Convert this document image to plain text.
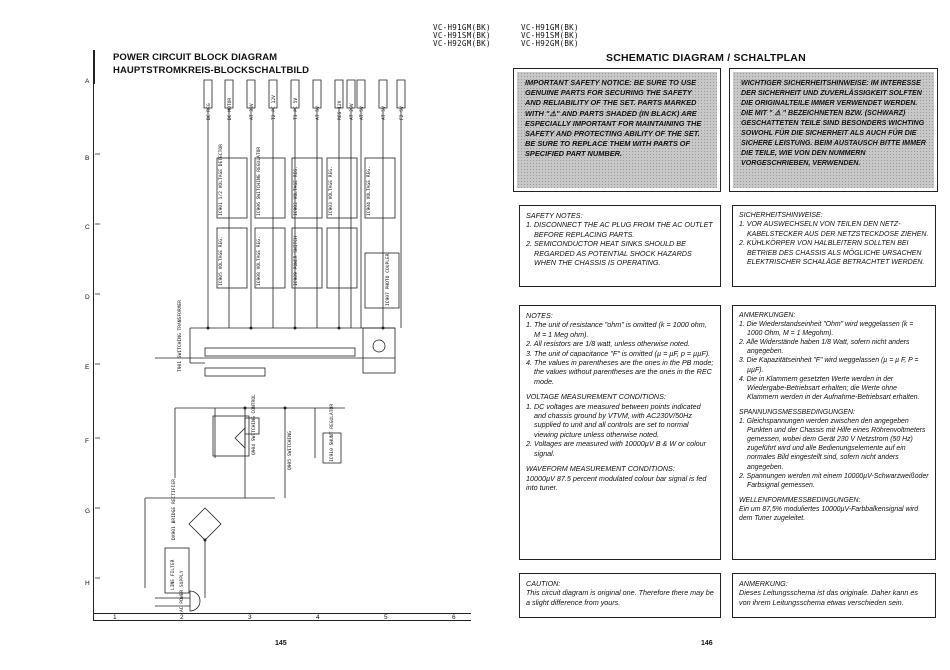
VC-H91GM(BK)
VC-H91SM(BK)
VC-H92GM(BK)
VC-H91GM(BK)
VC-H91SM(BK)
VC-H92GM(BK)
POWER CIRCUIT BLOCK DIAGRAM
HAUPTSTROMKREIS-BLOCKSCHALTBILD
A
B
C
D
E
F
G
H
1	2	3	4	5	6
DC REG	DC MOTOR	AT 33V	T2 PC 12V	T3 PC 5V	AT 5V	REG 12V AT 20V AT 5V	AT 5V	F2 5V
IC901 1/2 VOLTAGE DETECTOR	IC906 SWITCHING REGULATOR	IC902 VOLTAGE REG.	IC903 VOLTAGE REG.	IC904 VOLTAGE REG.
IC905 VOLTAGE REG.	IC908 VOLTAGE REG.	IC909 POWER SWITCH	IC907 PHOTO COUPLER
Q904 SWITCHING CONTROL	Q905 SWITCHING	IC910 SHUNT REGULATOR
DX901 BRIDGE RECTIFIER
T901 SWITCHING TRANSFORMER
LINE FILTER AC POWER SUPPLY
145
SCHEMATIC DIAGRAM / SCHALTPLAN
IMPORTANT SAFETY NOTICE: BE SURE TO USE GENUINE PARTS FOR SECURING THE SAFETY AND RELIABILITY OF THE SET. PARTS MARKED WITH "⚠" AND PARTS SHADED (IN BLACK) ARE ESPECIALLY IMPORTANT FOR MAINTAINING THE SAFETY AND PROTECTING ABILITY OF THE SET. BE SURE TO REPLACE THEM WITH PARTS OF SPECIFIED PART NUMBER.
WICHTIGER SICHERHEITSHINWEISE: IM INTERESSE DER SICHERHEIT UND ZUVERLÄSSIGKEIT SOLFTEN DIE ORIGINALTEILE IMMER VERWENDET WERDEN. DIE MIT " ⚠ " BEZEICHNETEN BZW. (SCHWARZ) GESCHATTETEN TEILE SIND BESONDERS WICHTING SOWOHL FÜR DIE SICHERHEIT ALS AUCH FÜR DIE SICHERE LEISTUNG. BEIM AUSTAUSCH BITTE IMMER DIE TEILE, WIE VON DEN NUMMERN VORGESCHRIEBEN, VERWENDEN.
SAFETY NOTES:
1. DISCONNECT THE AC PLUG FROM THE AC OUTLET BEFORE REPLACING PARTS.
2. SEMICONDUCTOR HEAT SINKS SHOULD BE REGARDED AS POTENTIAL SHOCK HAZARDS WHEN THE CHASSIS IS OPERATING.
SICHERHEITSHINWEISE:
1. VOR AUSWECHSELN VON TEILEN DEN NETZ-KABELSTECKER AUS DER NETZSTECKDOSE ZIEHEN.
2. KÜHLKÖRPER VON HALBLEITERN SOLLTEN BEI BETRIEB DES CHASSIS ALS MÖGLICHE URSACHEN ELEKTRISCHER SCHALÄGE BETRACHTET WERDEN.
NOTES:
1. The unit of resistance "ohm" is omitted (k = 1000 ohm, M = 1 Meg ohm).
2. All resistors are 1/8 watt, unless otherwise noted.
3. The unit of capacitance "F" is omitted (µ = µF, p = µµF).
4. The values in parentheses are the ones in the PB mode; the values without parentheses are the ones in the REC mode.
VOLTAGE MEASUREMENT CONDITIONS:
1. DC voltages are measured between points indicated and chassis ground by VTVM, with AC230V/50Hz supplied to unit and all controls are set to normal viewing picture unless otherwise noted.
2. Voltages are measured with 10000µV B & W or colour signal.
WAVEFORM MEASUREMENT CONDITIONS:
10000µV 87.5 percent modulated colour bar signal is fed into tuner.
ANMERKUNGEN:
1. Die Wiederstandseinheit "Ohm" wird weggelassen (k = 1000 Ohm, M = 1 Megohm).
2. Alle Widerstände haben 1/8 Watt, sofern nicht anders angegeben.
3. Die Kapazitätseinheit "F" wird weggelassen (µ = µ F, P = µµF).
4. Die in Klammern gesetzten Werte werden in der Wiedergabe-Betriebsart erhalten; die Werte ohne Klammern werden in der Aufnahme-Betriebsart erhalten.
SPANNUNGSMESSBEDINGUNGEN:
1. Gleichspannungen werden zwischen den angegeben Punkten und der Chassis mit Hilfe eines Röhrenvoltmeters gemessen, wobei dem Gerät 230 V Netzstrom (50 Hz) zugeführt wird und alle Bedienungselemente auf ein normales Bild eingestellt sind, sofern nicht anders angegeben.
2. Spannungen werden mit einem 10000µV-Schwarzweißoder Farbsignal gemessen.
WELLENFORMMESSBEDINGUNGEN:
Ein um 87,5% moduliertes 10000µV-Farbbalkensignal wird dem Tuner zugeleitet.
CAUTION:
This circuit diagram is original one. Therefore there may be a slight difference from yours.
ANMERKUNG:
Dieses Leitungsschema ist das originale. Daher kann es von ihrem Leitungsschema etwas verschieden sein.
146
